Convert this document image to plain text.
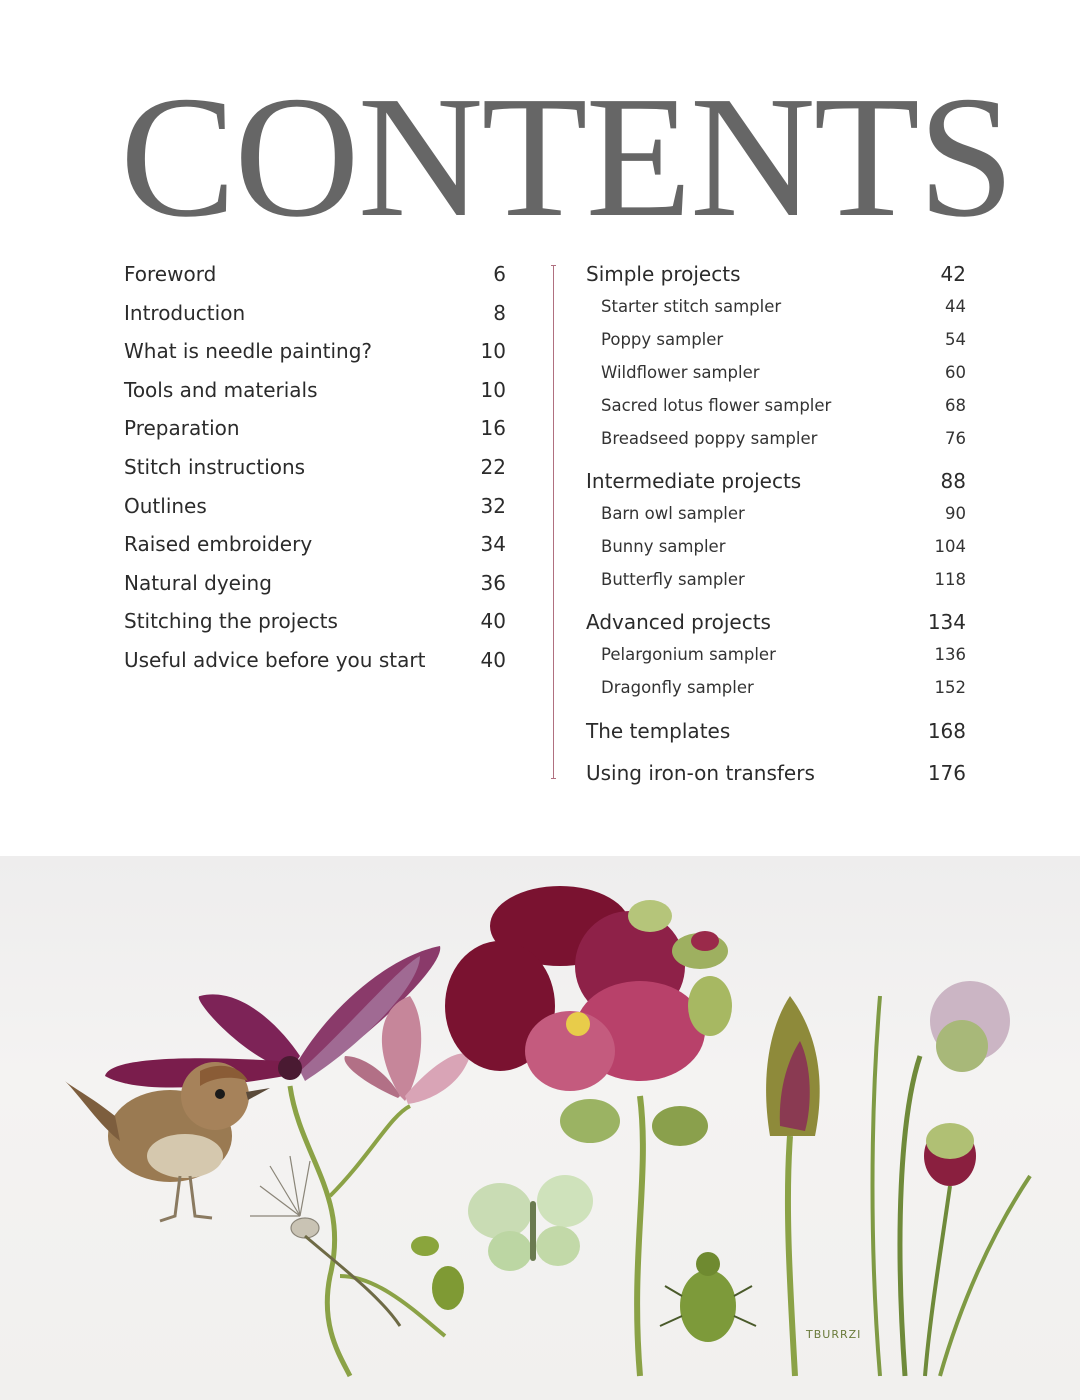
CONTENTS
Foreword	6
Introduction	8
What is needle painting?	10
Tools and materials	10
Preparation	16
Stitch instructions	22
Outlines	32
Raised embroidery	34
Natural dyeing	36
Stitching the projects	40
Useful advice before you start	40
Simple projects	42
Starter stitch sampler	44
Poppy sampler	54
Wildflower sampler	60
Sacred lotus flower sampler	68
Breadseed poppy sampler	76
Intermediate projects	88
Barn owl sampler	90
Bunny sampler	104
Butterfly sampler	118
Advanced projects	134
Pelargonium sampler	136
Dragonfly sampler	152
The templates	168
Using iron-on transfers	176
TBURRZI
